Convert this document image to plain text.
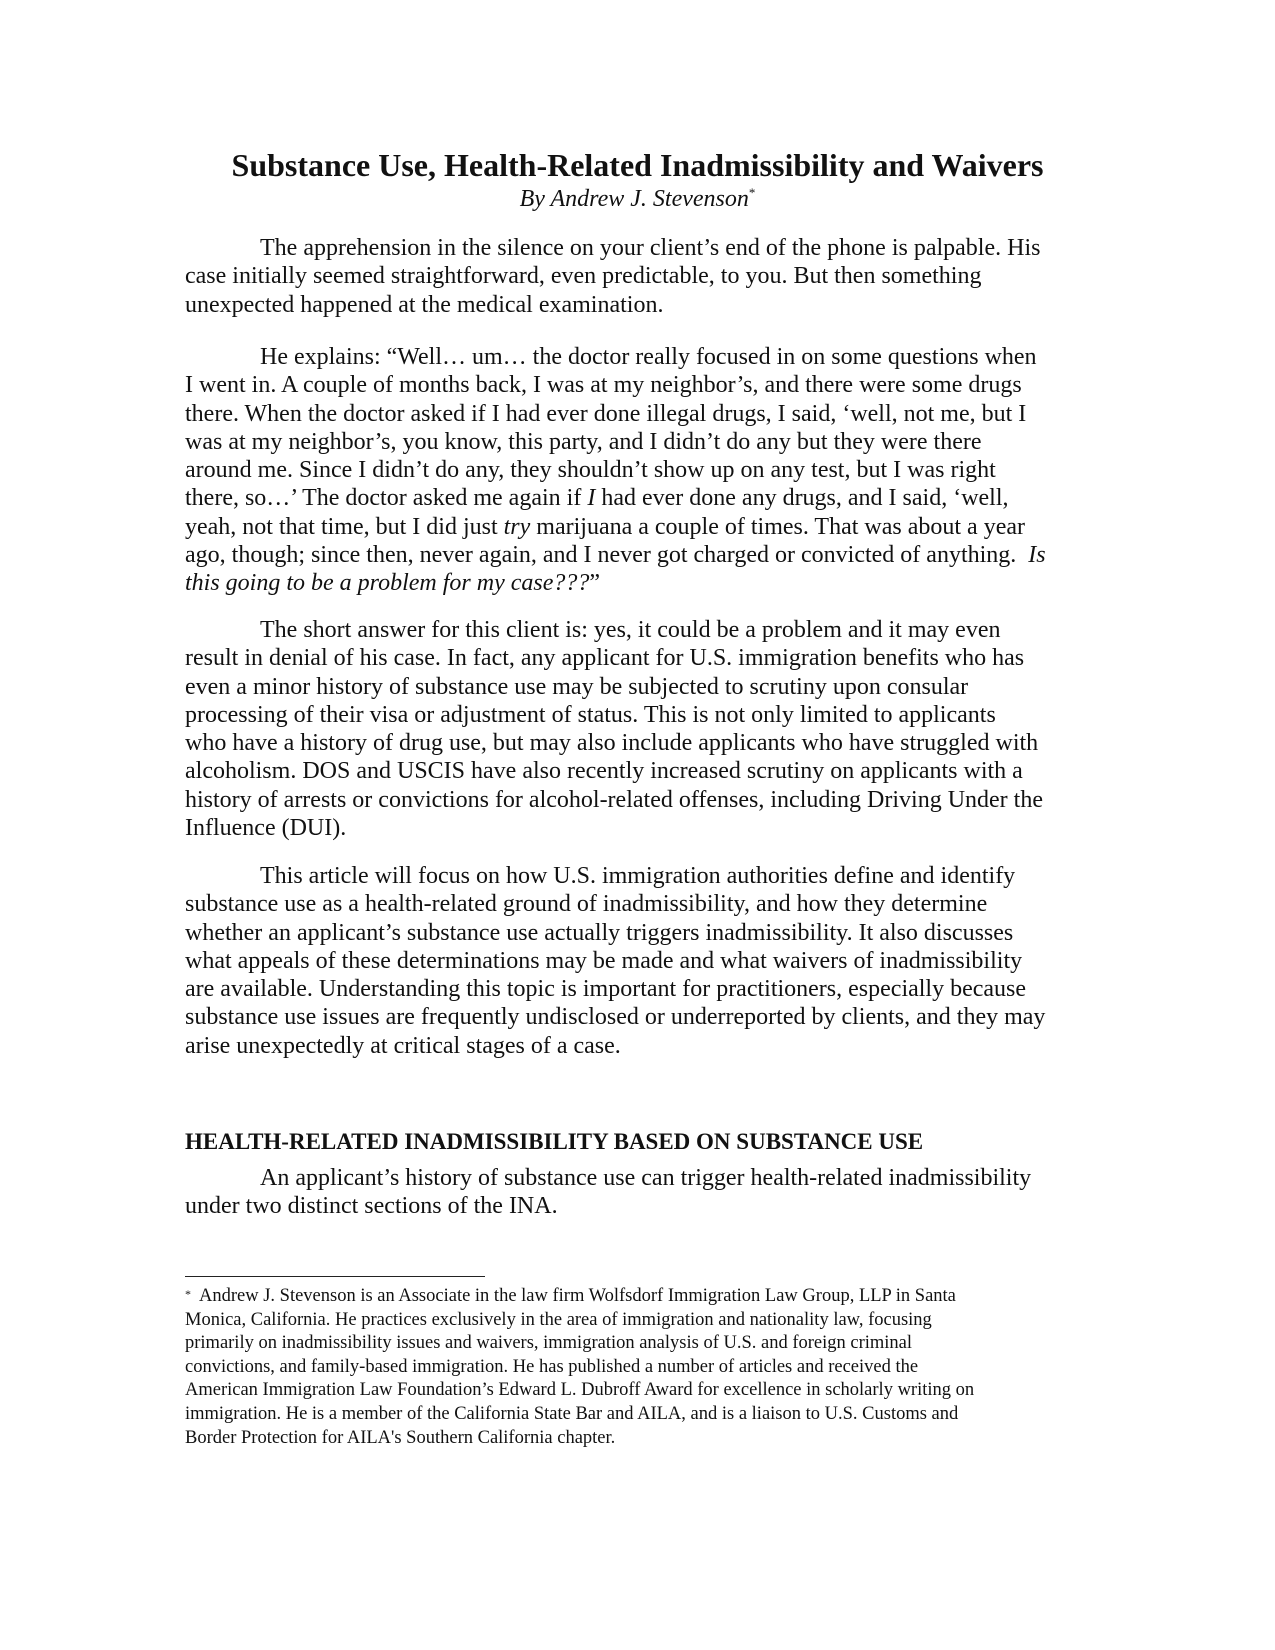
Substance Use, Health-Related Inadmissibility and Waivers
By Andrew J. Stevenson*

The apprehension in the silence on your client’s end of the phone is palpable. His
case initially seemed straightforward, even predictable, to you. But then something
unexpected happened at the medical examination.

He explains: “Well… um… the doctor really focused in on some questions when
I went in. A couple of months back, I was at my neighbor’s, and there were some drugs
there. When the doctor asked if I had ever done illegal drugs, I said, ‘well, not me, but I
was at my neighbor’s, you know, this party, and I didn’t do any but they were there
around me. Since I didn’t do any, they shouldn’t show up on any test, but I was right
there, so…’ The doctor asked me again if I had ever done any drugs, and I said, ‘well,
yeah, not that time, but I did just try marijuana a couple of times. That was about a year
ago, though; since then, never again, and I never got charged or convicted of anything.  Is
this going to be a problem for my case???”

The short answer for this client is: yes, it could be a problem and it may even
result in denial of his case. In fact, any applicant for U.S. immigration benefits who has
even a minor history of substance use may be subjected to scrutiny upon consular
processing of their visa or adjustment of status. This is not only limited to applicants
who have a history of drug use, but may also include applicants who have struggled with
alcoholism. DOS and USCIS have also recently increased scrutiny on applicants with a
history of arrests or convictions for alcohol-related offenses, including Driving Under the
Influence (DUI).

This article will focus on how U.S. immigration authorities define and identify
substance use as a health-related ground of inadmissibility, and how they determine
whether an applicant’s substance use actually triggers inadmissibility. It also discusses
what appeals of these determinations may be made and what waivers of inadmissibility
are available. Understanding this topic is important for practitioners, especially because
substance use issues are frequently undisclosed or underreported by clients, and they may
arise unexpectedly at critical stages of a case.

HEALTH-RELATED INADMISSIBILITY BASED ON SUBSTANCE USE

An applicant’s history of substance use can trigger health-related inadmissibility
under two distinct sections of the INA.

* Andrew J. Stevenson is an Associate in the law firm Wolfsdorf Immigration Law Group, LLP in Santa
Monica, California. He practices exclusively in the area of immigration and nationality law, focusing
primarily on inadmissibility issues and waivers, immigration analysis of U.S. and foreign criminal
convictions, and family-based immigration. He has published a number of articles and received the
American Immigration Law Foundation’s Edward L. Dubroff Award for excellence in scholarly writing on
immigration. He is a member of the California State Bar and AILA, and is a liaison to U.S. Customs and
Border Protection for AILA's Southern California chapter.
